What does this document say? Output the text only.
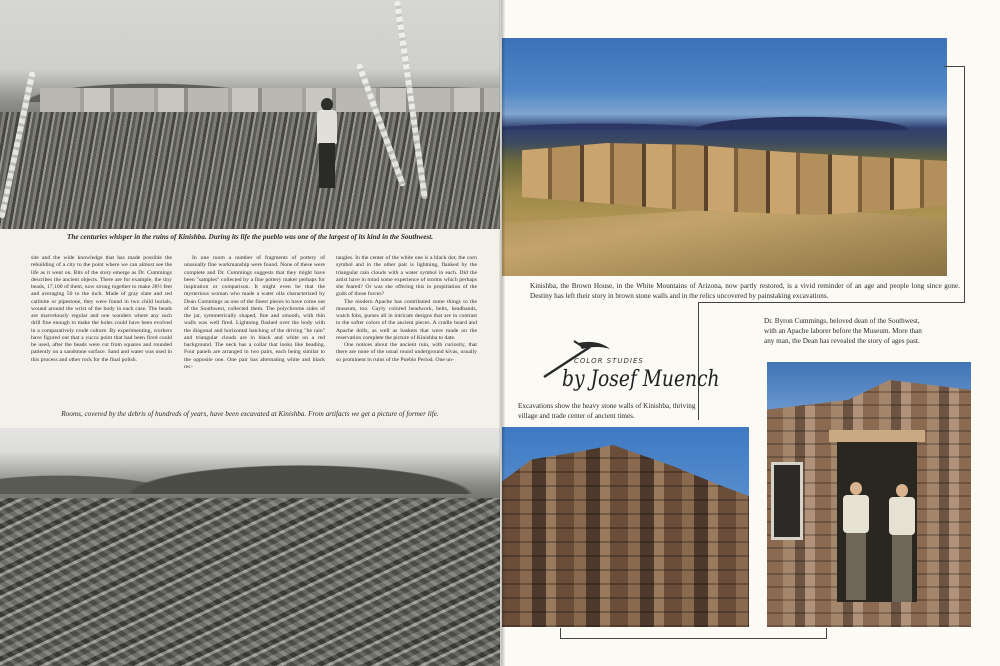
The centuries whisper in the ruins of Kinishba. During its life the pueblo was one of the largest of its kind in the Southwest.

site and the wide knowledge that has made possible the rebuilding of a city to the point where we can almost see the life as it went on. Bits of the story emerge as Dr. Cummings describes the ancient objects. There are for example, the tiny beads, 17,100 of them, now strung together to make 28½ feet and averaging 50 to the inch. Made of gray slate and red catlinite or pipestone, they were found in two child burials, wound around the wrist of the body in each case. The beads are marvelously regular and one wonders where any such drill fine enough to make the holes could have been evolved in a comparatively crude culture. By experimenting, workers have figured out that a yucca point that had been fired could be used, after the beads were cut from squares and rounded patiently on a sandstone surface. Sand and water was used in this process and other rock for the final polish.

In one room a number of fragments of pottery of unusually fine workmanship were found. None of these were complete and Dr. Cummings suggests that they might have been "samples" collected by a fine pottery maker perhaps for inspiration or comparison. It might even be that the mysterious woman who made a water olla characterized by Dean Cummings as one of the finest pieces to have come out of the Southwest, collected them. The polychrome sides of the jar, symmetrically shaped, fine and smooth, with thin walls was well fired. Lightning flashed over the body with the diagonal and horizontal hatching of the driving "he rain" and triangular clouds are in black and white on a red background. The neck has a collar that looks like beading. Four panels are arranged in two pairs, each being similar to the opposite one. One pair has alternating white and black rec-

tangles. In the center of the white one is a black dot, the corn symbol and in the other pair is lightning, flanked by the triangular rain clouds with a water symbol in each. Did the artist have in mind some experience of storms which perhaps she feared? Or was she offering this in propitiation of the gods of those forces?

The modern Apache has contributed some things to the museum, too. Gayly colored beadwork, belts, headbands, watch fobs, purses all in intricate designs that are in contrast to the softer colors of the ancient pieces. A cradle board and Apache dolls, as well as baskets that were made on the reservation complete the picture of Kinishba to date.

One notices about the ancient ruin, with curiosity, that there are none of the usual round underground kivas, usually so prominent in ruins of the Pueblo Period. One un-

Rooms, covered by the debris of hundreds of years, have been excavated at Kinishba. From artifacts we get a picture of former life.
Kinishba, the Brown House, in the White Mountains of Arizona, now partly restored, is a vivid reminder of an age and people long since gone. Destiny has left their story in brown stone walls and in the relics uncovered by painstaking excavations.
COLOR STUDIES
by Josef Muench
Excavations show the heavy stone walls of Kinishba, thriving village and trade center of ancient times.
Dr. Byron Cummings, beloved dean of the Southwest, with an Apache laborer before the Museum. More than any man, the Dean has revealed the story of ages past.
